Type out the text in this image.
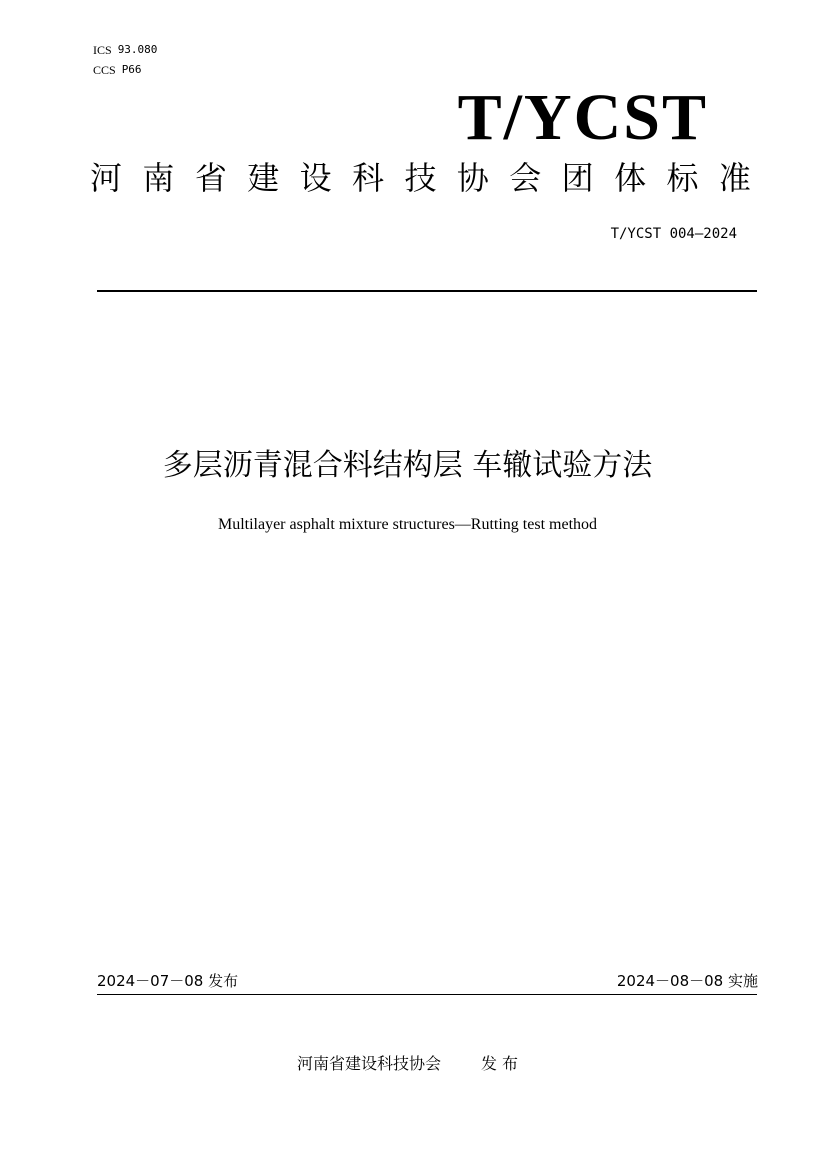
ICS 93.080
CCS P66
T/YCST
河 南 省 建 设 科 技 协 会 团 体 标 准
T/YCST 004—2024
多层沥青混合料结构层 车辙试验方法
Multilayer asphalt mixture structures—Rutting test method
2024－07－08 发布	2024－08－08 实施
河南省建设科技协会	发 布
